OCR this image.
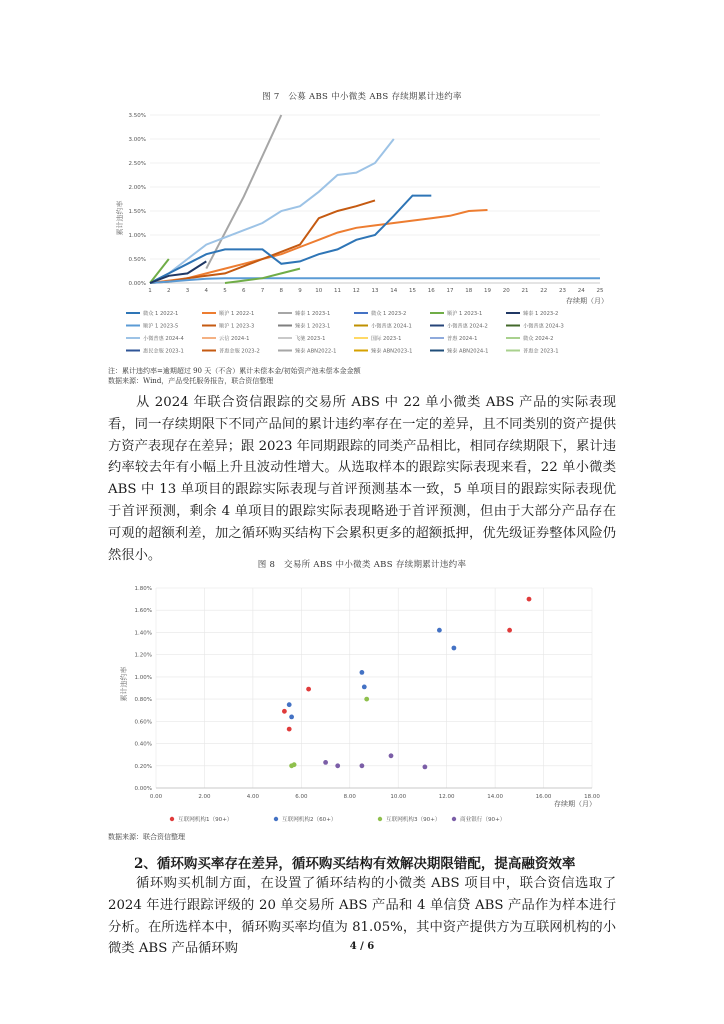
图 7　公募 ABS 中小微类 ABS 存续期累计违约率
0.00%
0.50%
1.00%
1.50%
2.00%
2.50%
3.00%
3.50%
1	2	3	4	5	6	7	8	9 10 11 12 13 14 15 16 17 18 19 20 21 22 23 24 25
累计违约率
存续期（月）
微众 1 2022-1	顺沪 1 2022-1	臻泰 1 2023-1	微众 1 2023-2	顺沪 1 2023-1	臻泰 1 2023-2
顺沪 1 2023-5	顺沪 1 2023-3	臻泰 1 2023-1	小微普惠 2024-1	小微普惠 2024-2	小微普惠 2024-3
小微普惠 2024-4	云信 2024-1	飞驰 2023-1	国际 2023-1	普惠 2024-1	微众 2024-2
惠民金服 2023-1	普惠金服 2023-2	臻泰 ABN2022-1	臻泰 ABN2023-1	臻泰 ABN2024-1	普惠金 2023-1
注：累计违约率=逾期超过 90 天（不含）累计未偿本金/初始资产池未偿本金金额
数据来源：Wind，产品受托服务报告，联合资信整理

从 2024 年联合资信跟踪的交易所 ABS 中 22 单小微类 ABS 产品的实际表现看，同一存续期限下不同产品间的累计违约率存在一定的差异，且不同类别的资产提供方资产表现存在差异；跟 2023 年同期跟踪的同类产品相比，相同存续期限下，累计违约率较去年有小幅上升且波动性增大。从选取样本的跟踪实际表现来看，22 单小微类 ABS 中 13 单项目的跟踪实际表现与首评预测基本一致，5 单项目的跟踪实际表现优于首评预测，剩余 4 单项目的跟踪实际表现略逊于首评预测，但由于大部分产品存在可观的超额利差，加之循环购买结构下会累积更多的超额抵押，优先级证券整体风险仍然很小。

图 8　交易所 ABS 中小微类 ABS 存续期累计违约率
0.00%
0.20%
0.40%
0.60%
0.80%
1.00%
1.20%
1.40%
1.60%
1.80%
0.00	2.00	4.00	6.00	8.00	10.00	12.00	14.00	16.00	18.00
累计违约率
存续期（月）
互联网机构1（90+）	互联网机构2（60+）	互联网机构3（90+）	商业银行（90+）
数据来源：联合资信整理
2、循环购买率存在差异，循环购买结构有效解决期限错配，提高融资效率

循环购买机制方面，在设置了循环结构的小微类 ABS 项目中，联合资信选取了 2024 年进行跟踪评级的 20 单交易所 ABS 产品和 4 单信贷 ABS 产品作为样本进行分析。在所选样本中，循环购买率均值为 81.05%，其中资产提供方为互联网机构的小微类 ABS 产品循环购	4 / 6
